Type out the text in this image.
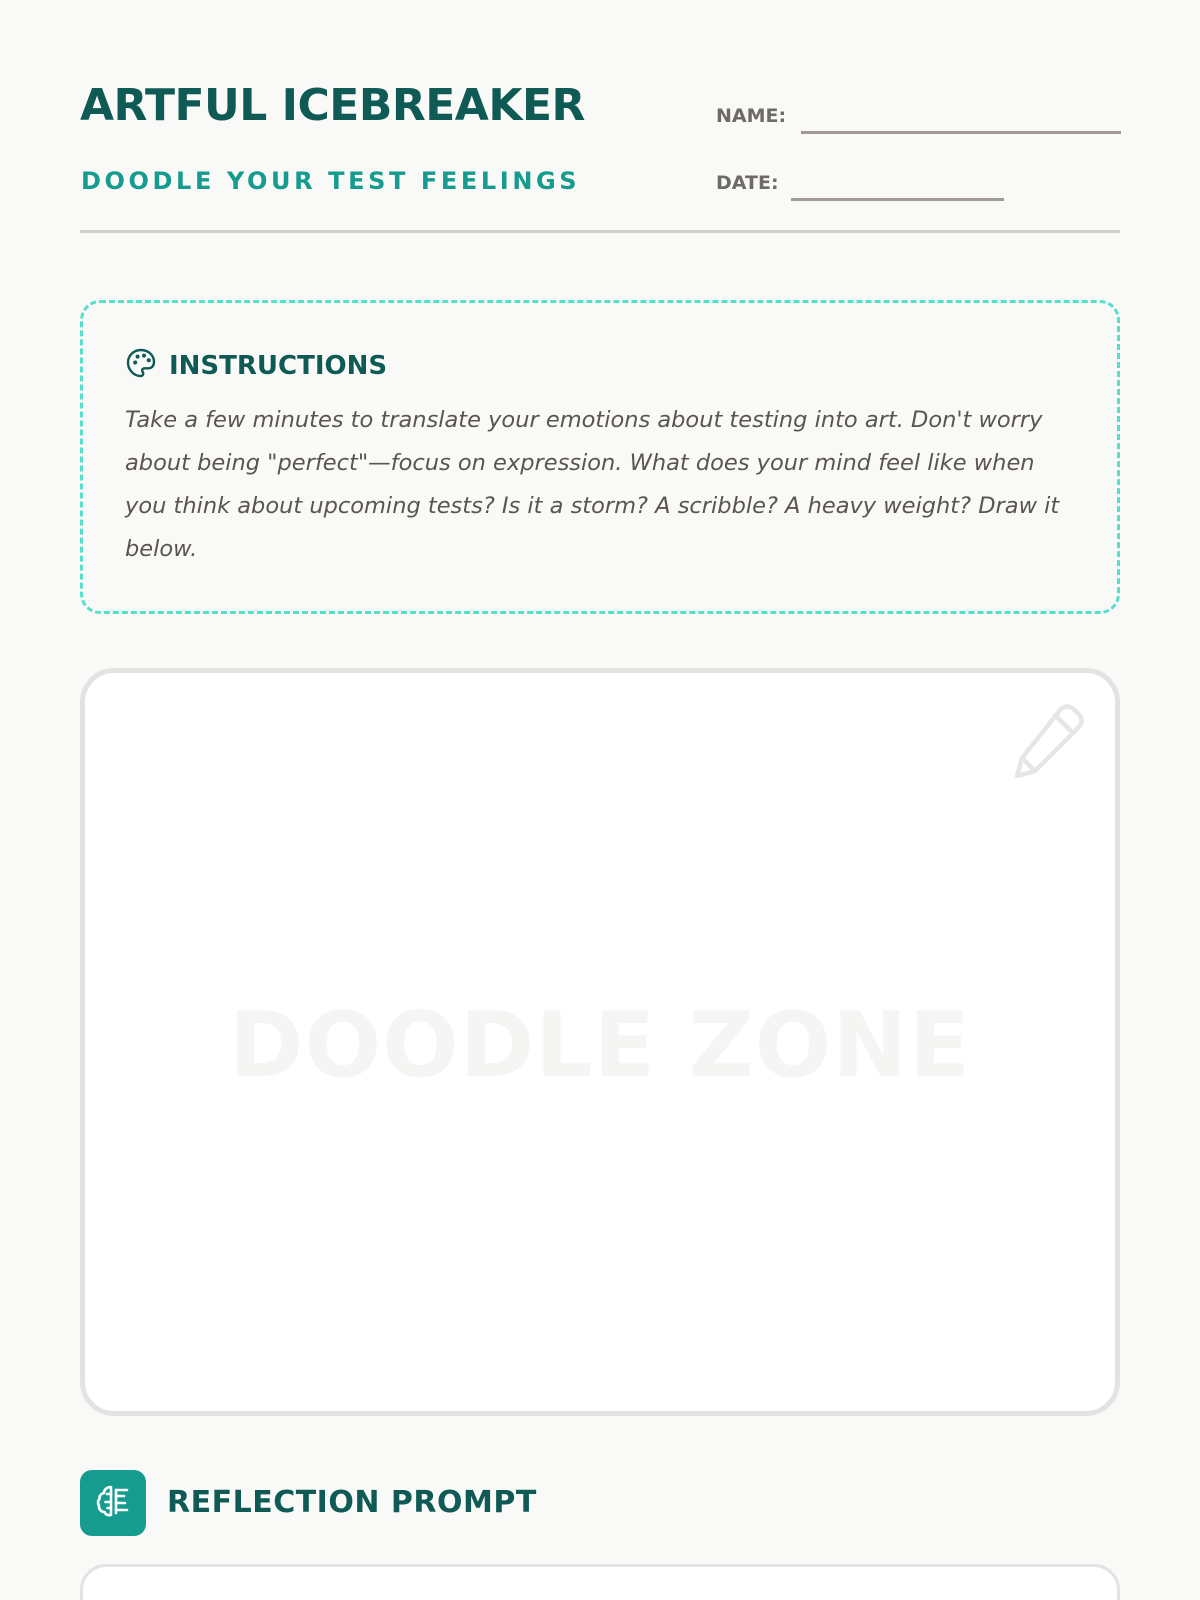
ARTFUL ICEBREAKER
DOODLE YOUR TEST FEELINGS
NAME:
DATE:
INSTRUCTIONS

Take a few minutes to translate your emotions about testing into art. Don't worry about being "perfect"—focus on expression. What does your mind feel like when you think about upcoming tests? Is it a storm? A scribble? A heavy weight? Draw it below.

DOODLE ZONE
REFLECTION PROMPT
